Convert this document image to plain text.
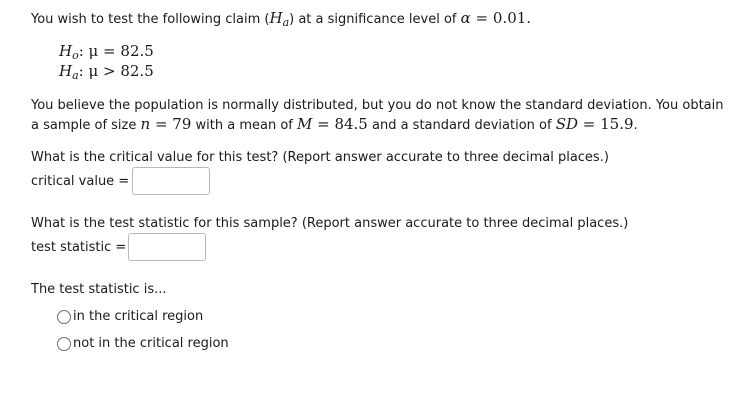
You wish to test the following claim $(H_a)$ at a significance level of α = 0.01.
$H_o$: μ = 82.5
$H_a$: μ > 82.5
You believe the population is normally distributed, but you do not know the standard deviation. You obtain
a sample of size n = 79 with a mean of M = 84.5 and a standard deviation of SD = 15.9.
What is the critical value for this test? (Report answer accurate to three decimal places.)
critical value =
What is the test statistic for this sample? (Report answer accurate to three decimal places.)
test statistic =
The test statistic is...
in the critical region
not in the critical region
